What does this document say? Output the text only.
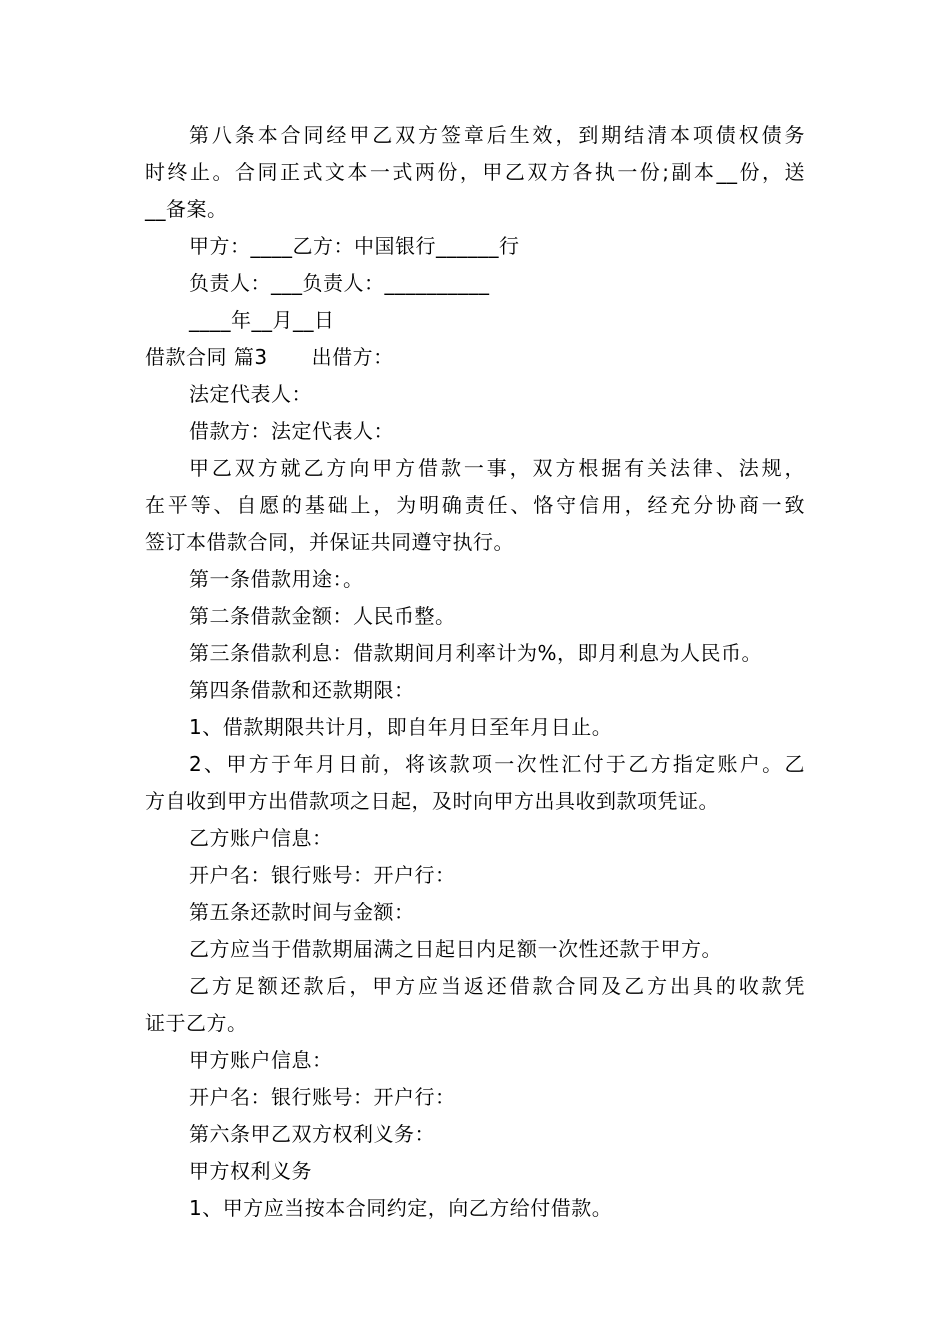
第八条本合同经甲乙双方签章后生效，到期结清本项债权债务
时终止。合同正式文本一式两份，甲乙双方各执一份;副本__份，送
__备案。
甲方：____乙方：中国银行______行
负责人：___负责人：__________
____年__月__日
借款合同 篇3 出借方：
法定代表人：
借款方：法定代表人：
甲乙双方就乙方向甲方借款一事，双方根据有关法律、法规，
在平等、自愿的基础上，为明确责任、恪守信用，经充分协商一致
签订本借款合同，并保证共同遵守执行。
第一条借款用途：。
第二条借款金额：人民币整。
第三条借款利息：借款期间月利率计为%，即月利息为人民币。
第四条借款和还款期限：
1、借款期限共计月，即自年月日至年月日止。
2、甲方于年月日前，将该款项一次性汇付于乙方指定账户。乙
方自收到甲方出借款项之日起，及时向甲方出具收到款项凭证。
乙方账户信息：
开户名：银行账号：开户行：
第五条还款时间与金额：
乙方应当于借款期届满之日起日内足额一次性还款于甲方。
乙方足额还款后，甲方应当返还借款合同及乙方出具的收款凭
证于乙方。
甲方账户信息：
开户名：银行账号：开户行：
第六条甲乙双方权利义务：
甲方权利义务
1、甲方应当按本合同约定，向乙方给付借款。
